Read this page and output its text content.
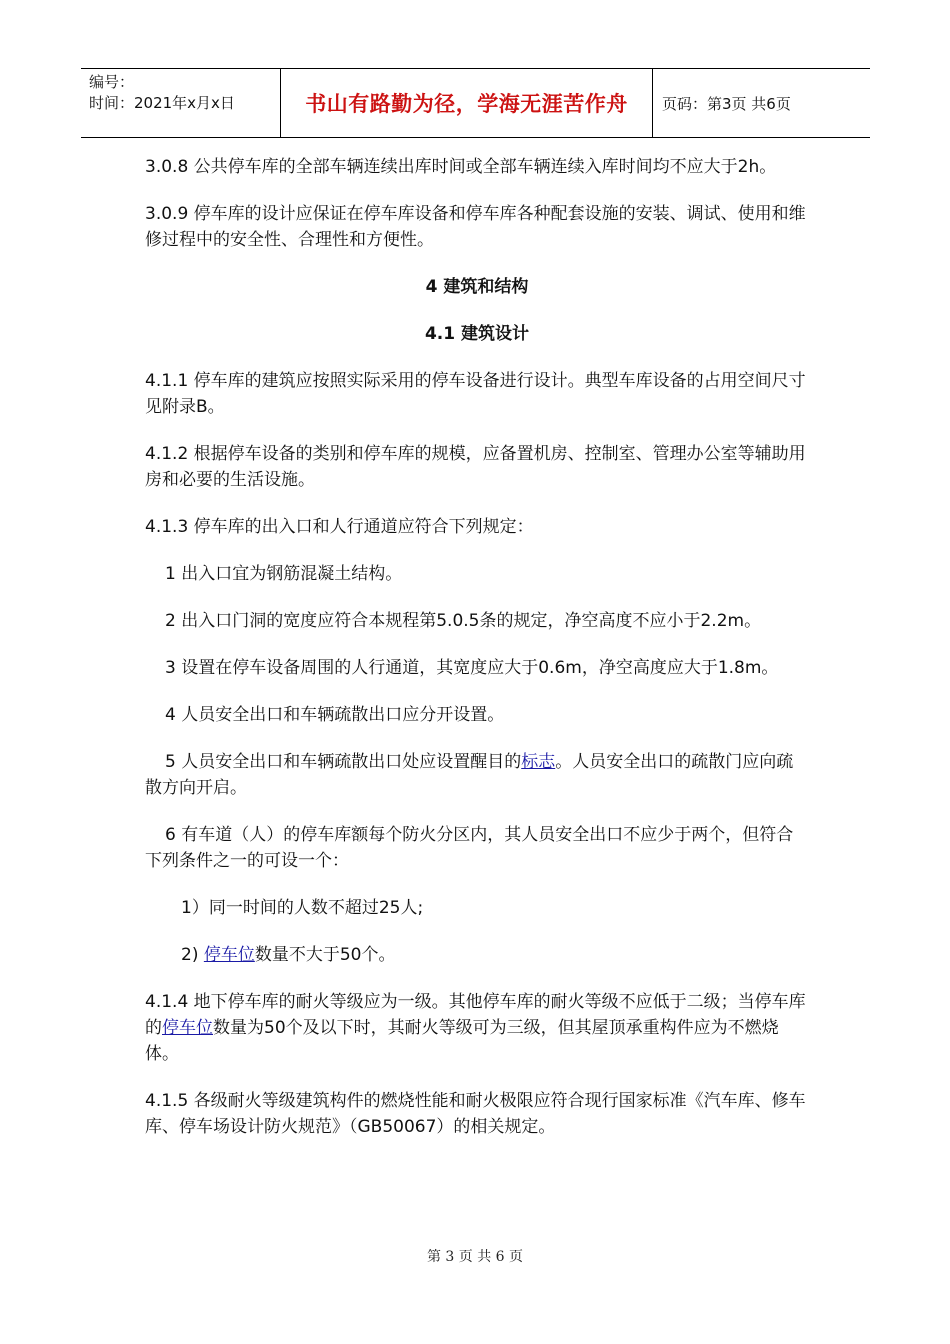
编号：
时间：2021年x月x日	书山有路勤为径，学海无涯苦作舟	页码：第3页 共6页

3.0.8 公共停车库的全部车辆连续出库时间或全部车辆连续入库时间均不应大于2h。

3.0.9 停车库的设计应保证在停车库设备和停车库各种配套设施的安装、调试、使用和维修过程中的安全性、合理性和方便性。

4 建筑和结构

4.1 建筑设计

4.1.1 停车库的建筑应按照实际采用的停车设备进行设计。典型车库设备的占用空间尺寸见附录B。

4.1.2 根据停车设备的类别和停车库的规模，应备置机房、控制室、管理办公室等辅助用房和必要的生活设施。

4.1.3 停车库的出入口和人行通道应符合下列规定：

1 出入口宜为钢筋混凝土结构。

2 出入口门洞的宽度应符合本规程第5.0.5条的规定，净空高度不应小于2.2m。

3 设置在停车设备周围的人行通道，其宽度应大于0.6m，净空高度应大于1.8m。

4 人员安全出口和车辆疏散出口应分开设置。

5 人员安全出口和车辆疏散出口处应设置醒目的标志。人员安全出口的疏散门应向疏散方向开启。

6 有车道（人）的停车库额每个防火分区内，其人员安全出口不应少于两个，但符合下列条件之一的可设一个：

1）同一时间的人数不超过25人;

2) 停车位数量不大于50个。

4.1.4 地下停车库的耐火等级应为一级。其他停车库的耐火等级不应低于二级；当停车库的停车位数量为50个及以下时，其耐火等级可为三级，但其屋顶承重构件应为不燃烧体。

4.1.5 各级耐火等级建筑构件的燃烧性能和耐火极限应符合现行国家标准《汽车库、修车库、停车场设计防火规范》（GB50067）的相关规定。

第 3 页 共 6 页
